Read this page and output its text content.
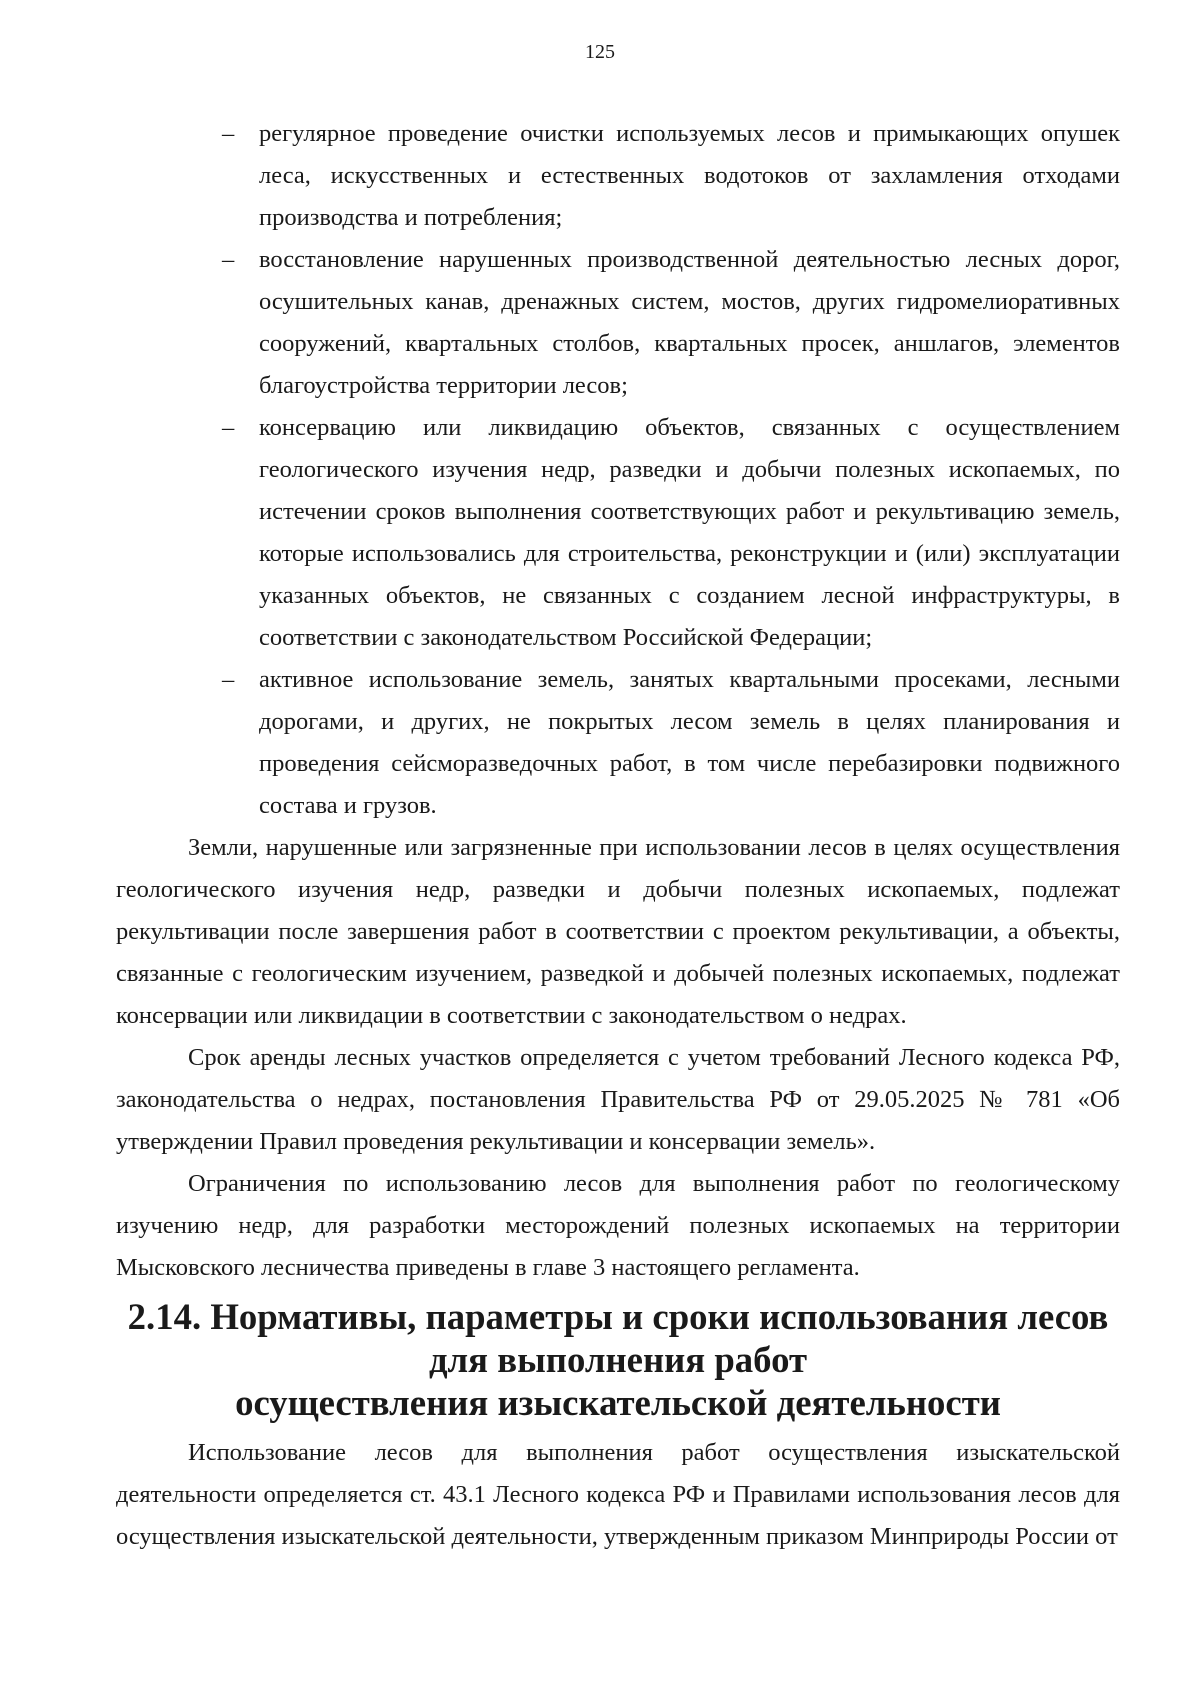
125
– регулярное проведение очистки используемых лесов и примыкающих опушек леса, искусственных и естественных водотоков от захламления отходами производства и потребления;
– восстановление нарушенных производственной деятельностью лесных дорог, осушительных канав, дренажных систем, мостов, других гидромелиоративных сооружений, квартальных столбов, квартальных просек, аншлагов, элементов благоустройства территории лесов;
– консервацию или ликвидацию объектов, связанных с осуществлением геологического изучения недр, разведки и добычи полезных ископаемых, по истечении сроков выполнения соответствующих работ и рекультивацию земель, которые использовались для строительства, реконструкции и (или) эксплуатации указанных объектов, не связанных с созданием лесной инфраструктуры, в соответствии с законодательством Российской Федерации;
– активное использование земель, занятых квартальными просеками, лесными дорогами, и других, не покрытых лесом земель в целях планирования и проведения сейсморазведочных работ, в том числе перебазировки подвижного состава и грузов.

Земли, нарушенные или загрязненные при использовании лесов в целях осуществления геологического изучения недр, разведки и добычи полезных ископаемых, подлежат рекультивации после завершения работ в соответствии с проектом рекультивации, а объекты, связанные с геологическим изучением, разведкой и добычей полезных ископаемых, подлежат консервации или ликвидации в соответствии с законодательством о недрах.

Срок аренды лесных участков определяется с учетом требований Лесного кодекса РФ, законодательства о недрах, постановления Правительства РФ от 29.05.2025 № 781 «Об утверждении Правил проведения рекультивации и консервации земель».

Ограничения по использованию лесов для выполнения работ по геологическому изучению недр, для разработки месторождений полезных ископаемых на территории Мысковского лесничества приведены в главе 3 настоящего регламента.

2.14. Нормативы, параметры и сроки использования лесов для выполнения работ
осуществления изыскательской деятельности

Использование лесов для выполнения работ осуществления изыскательской деятельности определяется ст. 43.1 Лесного кодекса РФ и Правилами использования лесов для осуществления изыскательской деятельности, утвержденным приказом Минприроды России от
